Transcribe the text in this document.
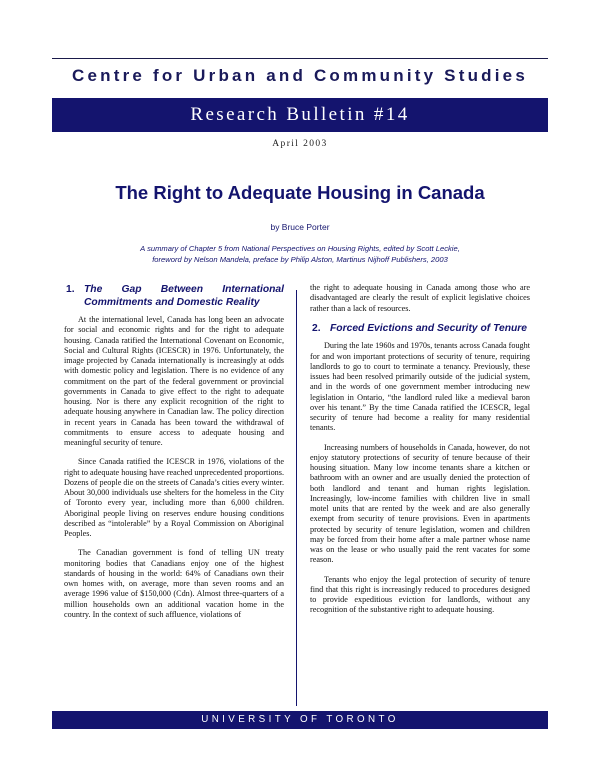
Centre for Urban and Community Studies
Research Bulletin #14
April 2003
The Right to Adequate Housing in Canada
by Bruce Porter
A summary of Chapter 5 from National Perspectives on Housing Rights, edited by Scott Leckie,
foreword by Nelson Mandela, preface by Philip Alston, Martinus Nijhoff Publishers, 2003
1. The Gap Between International Commitments and Domestic Reality

At the international level, Canada has long been an advocate for social and economic rights and for the right to adequate housing. Canada ratified the International Covenant on Economic, Social and Cultural Rights (ICESCR) in 1976. Unfortunately, the image projected by Canada internationally is increasingly at odds with domestic policy and legislation. There is no evidence of any commitment on the part of the federal government or provincial governments in Canada to give effect to the right to adequate housing. Nor is there any explicit recognition of the right to adequate housing anywhere in Canadian law. The policy direction in recent years in Canada has been toward the withdrawal of commitments to ensure access to adequate housing and meaningful security of tenure.

Since Canada ratified the ICESCR in 1976, violations of the right to adequate housing have reached unprecedented proportions. Dozens of people die on the streets of Canada’s cities every winter. About 30,000 individuals use shelters for the homeless in the City of Toronto every year, including more than 6,000 children. Aboriginal people living on reserves endure housing conditions described as “intolerable” by a Royal Commission on Aboriginal Peoples.

The Canadian government is fond of telling UN treaty monitoring bodies that Canadians enjoy one of the highest standards of housing in the world: 64% of Canadians own their own homes with, on average, more than seven rooms and an average 1996 value of $150,000 (Cdn). Almost three-quarters of a million households own an additional vacation home in the country. In the context of such affluence, violations of

the right to adequate housing in Canada among those who are disadvantaged are clearly the result of explicit legislative choices rather than a lack of resources.

2. Forced Evictions and Security of Tenure

During the late 1960s and 1970s, tenants across Canada fought for and won important protections of security of tenure, requiring landlords to go to court to terminate a tenancy. Previously, these issues had been resolved primarily outside of the judicial system, and in the words of one government member introducing new legislation in Ontario, “the landlord ruled like a medieval baron over his tenant.” By the time Canada ratified the ICESCR, legal security of tenure had become a reality for many residential tenants.

Increasing numbers of households in Canada, however, do not enjoy statutory protections of security of tenure because of their housing situation. Many low income tenants share a kitchen or bathroom with an owner and are usually denied the protection of both landlord and tenant and human rights legislation. Increasingly, low-income families with children live in small motel units that are rented by the week and are also generally exempt from security of tenure provisions. Even in apartments protected by security of tenure legislation, women and children may be forced from their home after a male partner whose name was on the lease or who usually paid the rent vacates for some reason.

Tenants who enjoy the legal protection of security of tenure find that this right is increasingly reduced to procedures designed to provide expeditious eviction for landlords, without any recognition of the substantive right to adequate housing.

UNIVERSITY OF TORONTO
